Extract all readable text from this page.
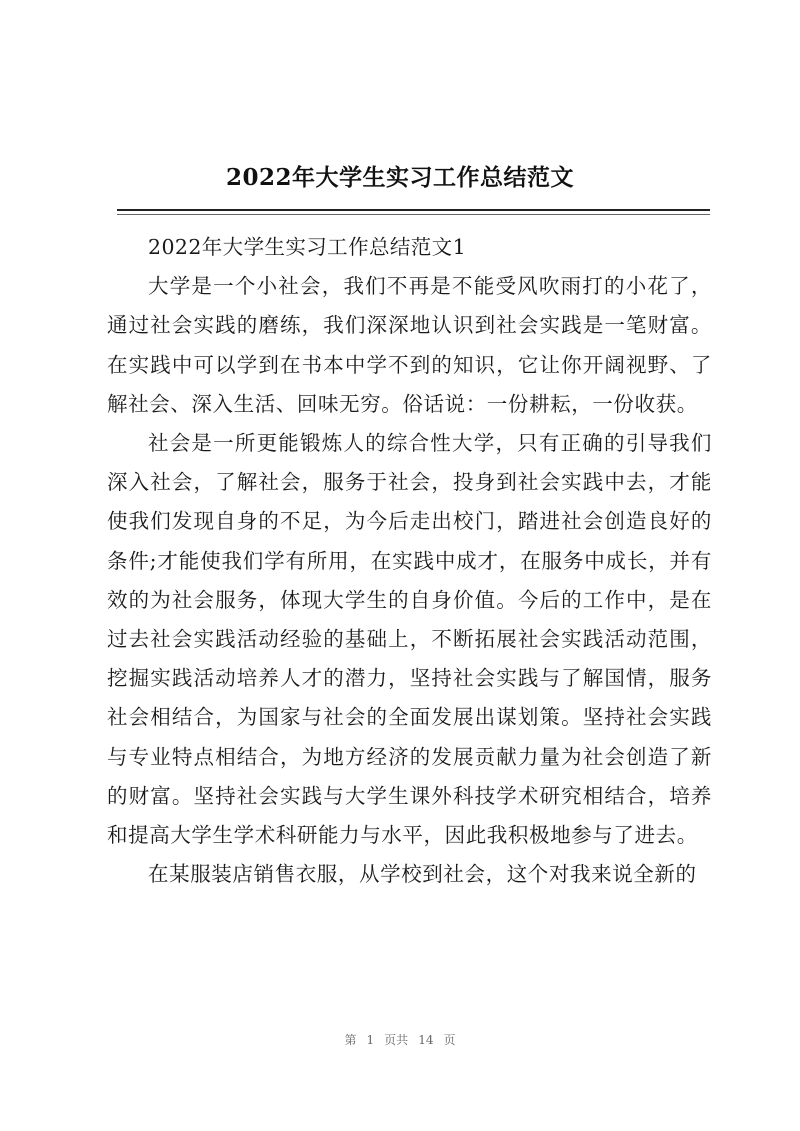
2022年大学生实习工作总结范文

2022年大学生实习工作总结范文1

大学是一个小社会，我们不再是不能受风吹雨打的小花了，通过社会实践的磨练，我们深深地认识到社会实践是一笔财富。在实践中可以学到在书本中学不到的知识，它让你开阔视野、了解社会、深入生活、回味无穷。俗话说：一份耕耘，一份收获。

社会是一所更能锻炼人的综合性大学，只有正确的引导我们深入社会，了解社会，服务于社会，投身到社会实践中去，才能使我们发现自身的不足，为今后走出校门，踏进社会创造良好的条件;才能使我们学有所用，在实践中成才，在服务中成长，并有效的为社会服务，体现大学生的自身价值。今后的工作中，是在过去社会实践活动经验的基础上，不断拓展社会实践活动范围，挖掘实践活动培养人才的潜力，坚持社会实践与了解国情，服务社会相结合，为国家与社会的全面发展出谋划策。坚持社会实践与专业特点相结合，为地方经济的发展贡献力量为社会创造了新的财富。坚持社会实践与大学生课外科技学术研究相结合，培养和提高大学生学术科研能力与水平，因此我积极地参与了进去。

在某服装店销售衣服，从学校到社会，这个对我来说全新的

第 1 页共 14 页
